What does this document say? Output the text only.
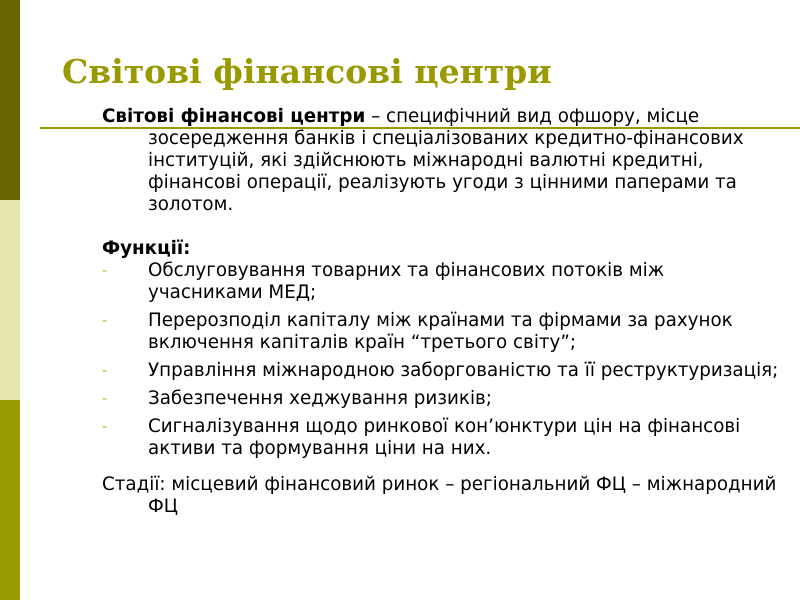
Світові фінансові центри

Світові фінансові центри – специфічний вид офшору, місце зосередження банків і спеціалізованих кредитно-фінансових інституцій, які здійснюють міжнародні валютні кредитні, фінансові операції, реалізують угоди з цінними паперами та золотом.

Функції:

- Обслуговування товарних та фінансових потоків між учасниками МЕД;
- Перерозподіл капіталу між країнами та фірмами за рахунок включення капіталів країн “третього світу”;
- Управління міжнародною заборгованістю та її реструктуризація;
- Забезпечення хеджування ризиків;
- Сигналізування щодо ринкової кон’юнктури цін на фінансові активи та формування ціни на них.

Стадії: місцевий фінансовий ринок – регіональний ФЦ – міжнародний ФЦ
